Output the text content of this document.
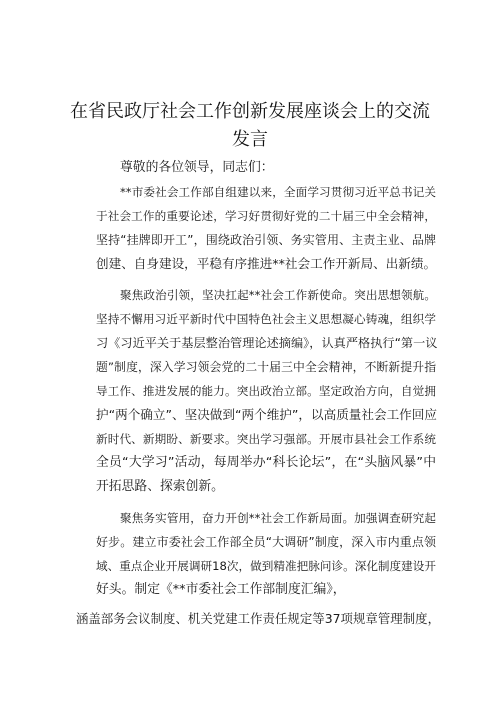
在省民政厅社会工作创新发展座谈会上的交流
发言
尊敬的各位领导，同志们：
**市委社会工作部自组建以来，全面学习贯彻习近平总书记关
于社会工作的重要论述，学习好贯彻好党的二十届三中全会精神，
坚持“挂牌即开工”，围绕政治引领、务实管用、主责主业、品牌
创建、自身建设，平稳有序推进**社会工作开新局、出新绩。
聚焦政治引领，坚决扛起**社会工作新使命。突出思想领航。
坚持不懈用习近平新时代中国特色社会主义思想凝心铸魂，组织学
习《习近平关于基层整治管理论述摘编》，认真严格执行“第一议
题”制度，深入学习领会党的二十届三中全会精神，不断新提升指
导工作、推进发展的能力。突出政治立部。坚定政治方向，自觉拥
护“两个确立”、坚决做到“两个维护”，以高质量社会工作回应
新时代、新期盼、新要求。突出学习强部。开展市县社会工作系统
全员“大学习”活动，每周举办“科长论坛”，在“头脑风暴”中
开拓思路、探索创新。
聚焦务实管用，奋力开创**社会工作新局面。加强调查研究起
好步。建立市委社会工作部全员“大调研”制度，深入市内重点领
域、重点企业开展调研18次，做到精准把脉问诊。深化制度建设开
好头。制定《**市委社会工作部制度汇编》，
涵盖部务会议制度、机关党建工作责任规定等37项规章管理制度，
